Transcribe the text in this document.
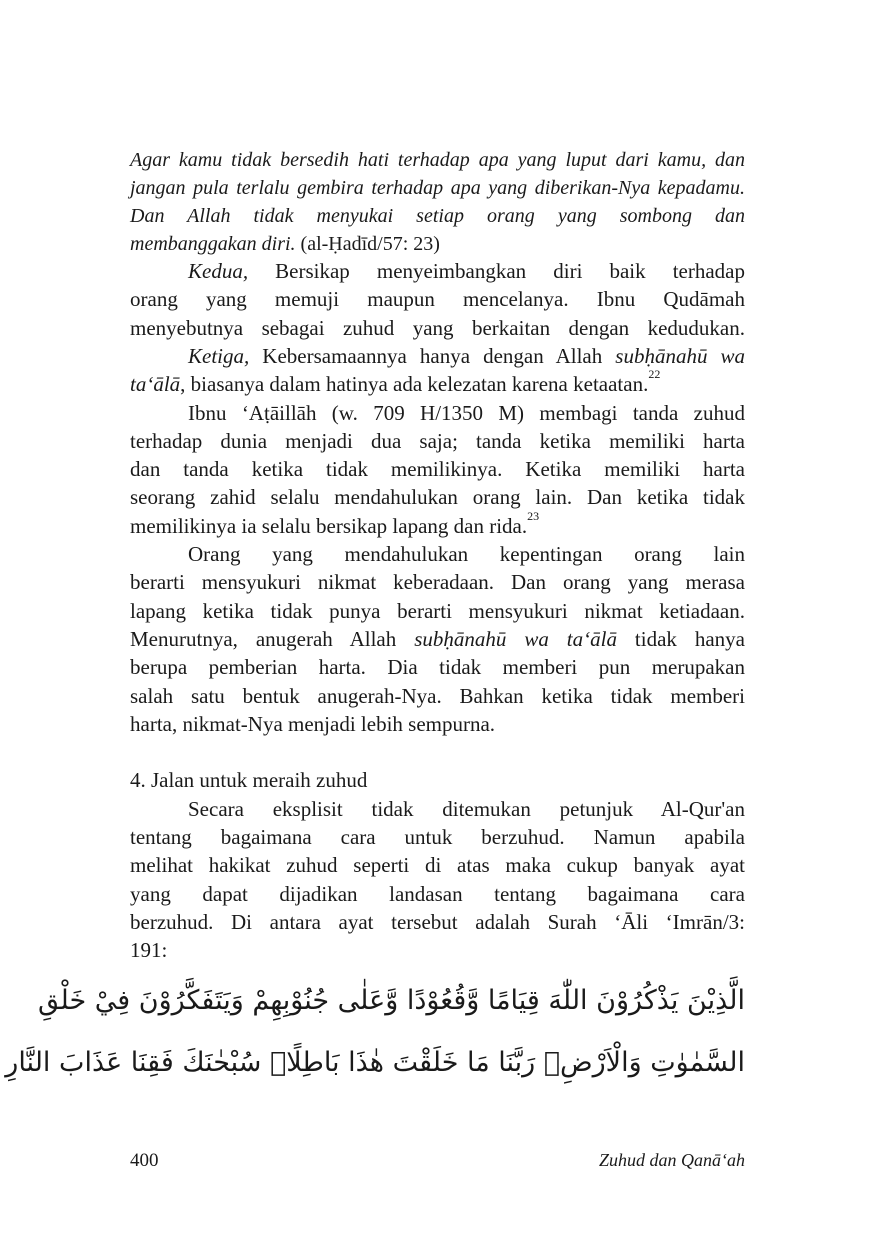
Agar kamu tidak bersedih hati terhadap apa yang luput dari kamu, dan
jangan pula terlalu gembira terhadap apa yang diberikan-Nya kepadamu.
Dan Allah tidak menyukai setiap orang yang sombong dan
membanggakan diri. (al-Ḥadīd/57: 23)
Kedua, Bersikap menyeimbangkan diri baik terhadap
orang yang memuji maupun mencelanya. Ibnu Qudāmah
menyebutnya sebagai zuhud yang berkaitan dengan kedudukan.
Ketiga, Kebersamaannya hanya dengan Allah subḥānahū wa
ta‘ālā, biasanya dalam hatinya ada kelezatan karena ketaatan.$^{22}$
Ibnu ‘Aṭāillāh (w. 709 H/1350 M) membagi tanda zuhud
terhadap dunia menjadi dua saja; tanda ketika memiliki harta
dan tanda ketika tidak memilikinya. Ketika memiliki harta
seorang zahid selalu mendahulukan orang lain. Dan ketika tidak
memilikinya ia selalu bersikap lapang dan rida.$^{23}$
Orang yang mendahulukan kepentingan orang lain
berarti mensyukuri nikmat keberadaan. Dan orang yang merasa
lapang ketika tidak punya berarti mensyukuri nikmat ketiadaan.
Menurutnya, anugerah Allah subḥānahū wa ta‘ālā tidak hanya
berupa pemberian harta. Dia tidak memberi pun merupakan
salah satu bentuk anugerah-Nya. Bahkan ketika tidak memberi
harta, nikmat-Nya menjadi lebih sempurna.
4. Jalan untuk meraih zuhud
Secara eksplisit tidak ditemukan petunjuk Al-Qur'an
tentang bagaimana cara untuk berzuhud. Namun apabila
melihat hakikat zuhud seperti di atas maka cukup banyak ayat
yang dapat dijadikan landasan tentang bagaimana cara
berzuhud. Di antara ayat tersebut adalah Surah ‘Āli ‘Imrān/3:
191:
الَّذِيْنَ يَذْكُرُوْنَ اللّٰهَ قِيَامًا وَّقُعُوْدًا وَّعَلٰى جُنُوْبِهِمْ وَيَتَفَكَّرُوْنَ فِيْ خَلْقِ
السَّمٰوٰتِ وَالْاَرْضِۚ رَبَّنَا مَا خَلَقْتَ هٰذَا بَاطِلًاۚ سُبْحٰنَكَ فَقِنَا عَذَابَ النَّارِ
400	Zuhud dan Qanā‘ah
